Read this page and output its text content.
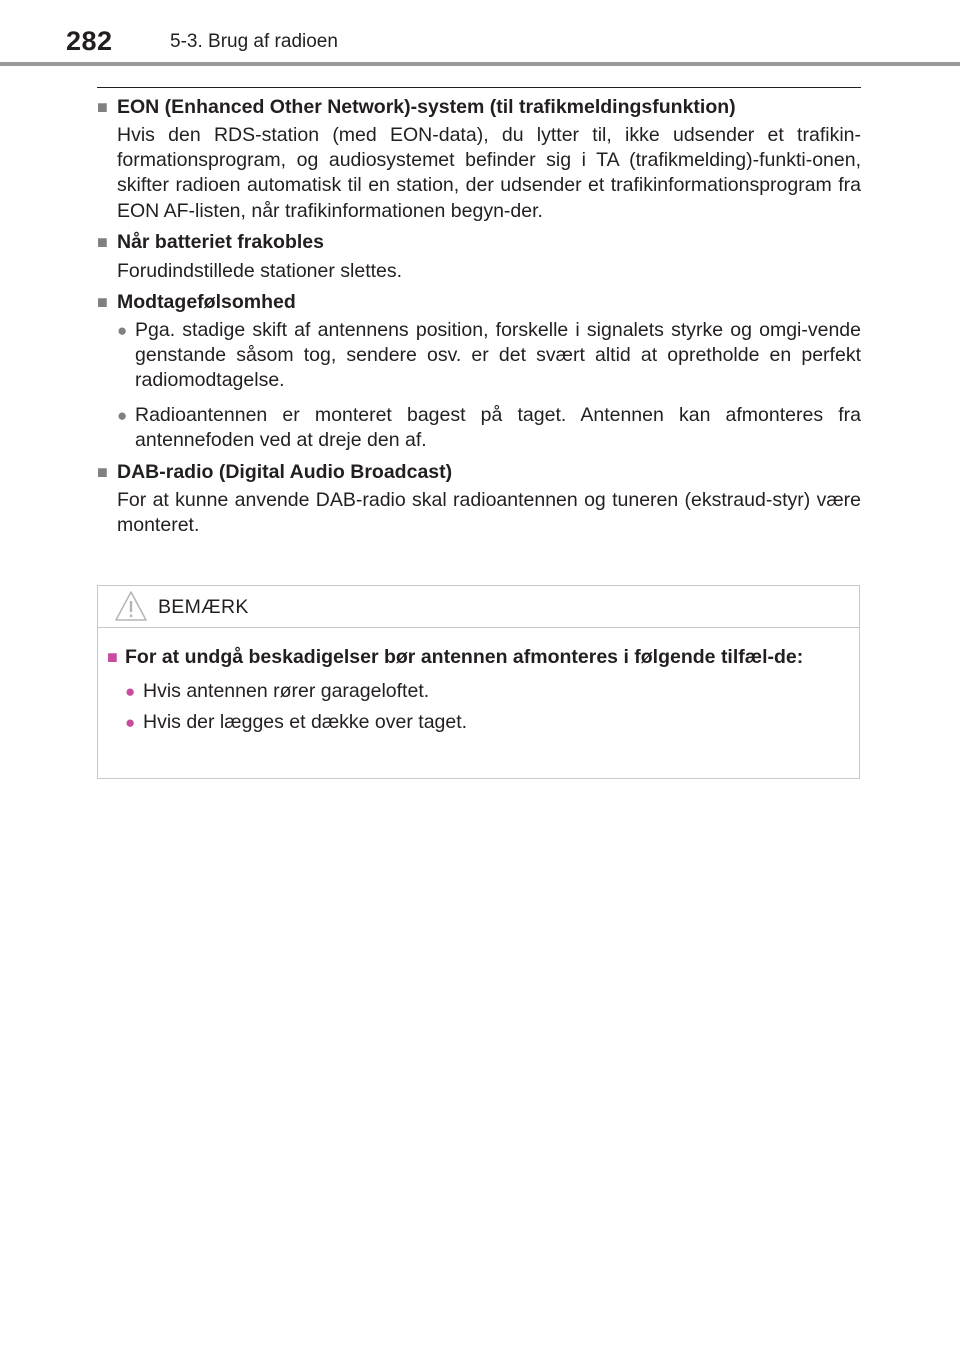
282	5-3. Brug af radioen
■ EON (Enhanced Other Network)-system (til trafikmeldingsfunktion)
Hvis den RDS-station (med EON-data), du lytter til, ikke udsender et trafikin-formationsprogram, og audiosystemet befinder sig i TA (trafikmelding)-funkti-onen, skifter radioen automatisk til en station, der udsender et trafikinformationsprogram fra EON AF-listen, når trafikinformationen begyn-der.
■ Når batteriet frakobles
Forudindstillede stationer slettes.
■ Modtagefølsomhed
● Pga. stadige skift af antennens position, forskelle i signalets styrke og omgi-vende genstande såsom tog, sendere osv. er det svært altid at opretholde en perfekt radiomodtagelse.
● Radioantennen er monteret bagest på taget. Antennen kan afmonteres fra antennefoden ved at dreje den af.
■ DAB-radio (Digital Audio Broadcast)
For at kunne anvende DAB-radio skal radioantennen og tuneren (ekstraud-styr) være monteret.
BEMÆRK
■ For at undgå beskadigelser bør antennen afmonteres i følgende tilfæl-de:
● Hvis antennen rører garageloftet.
● Hvis der lægges et dække over taget.
